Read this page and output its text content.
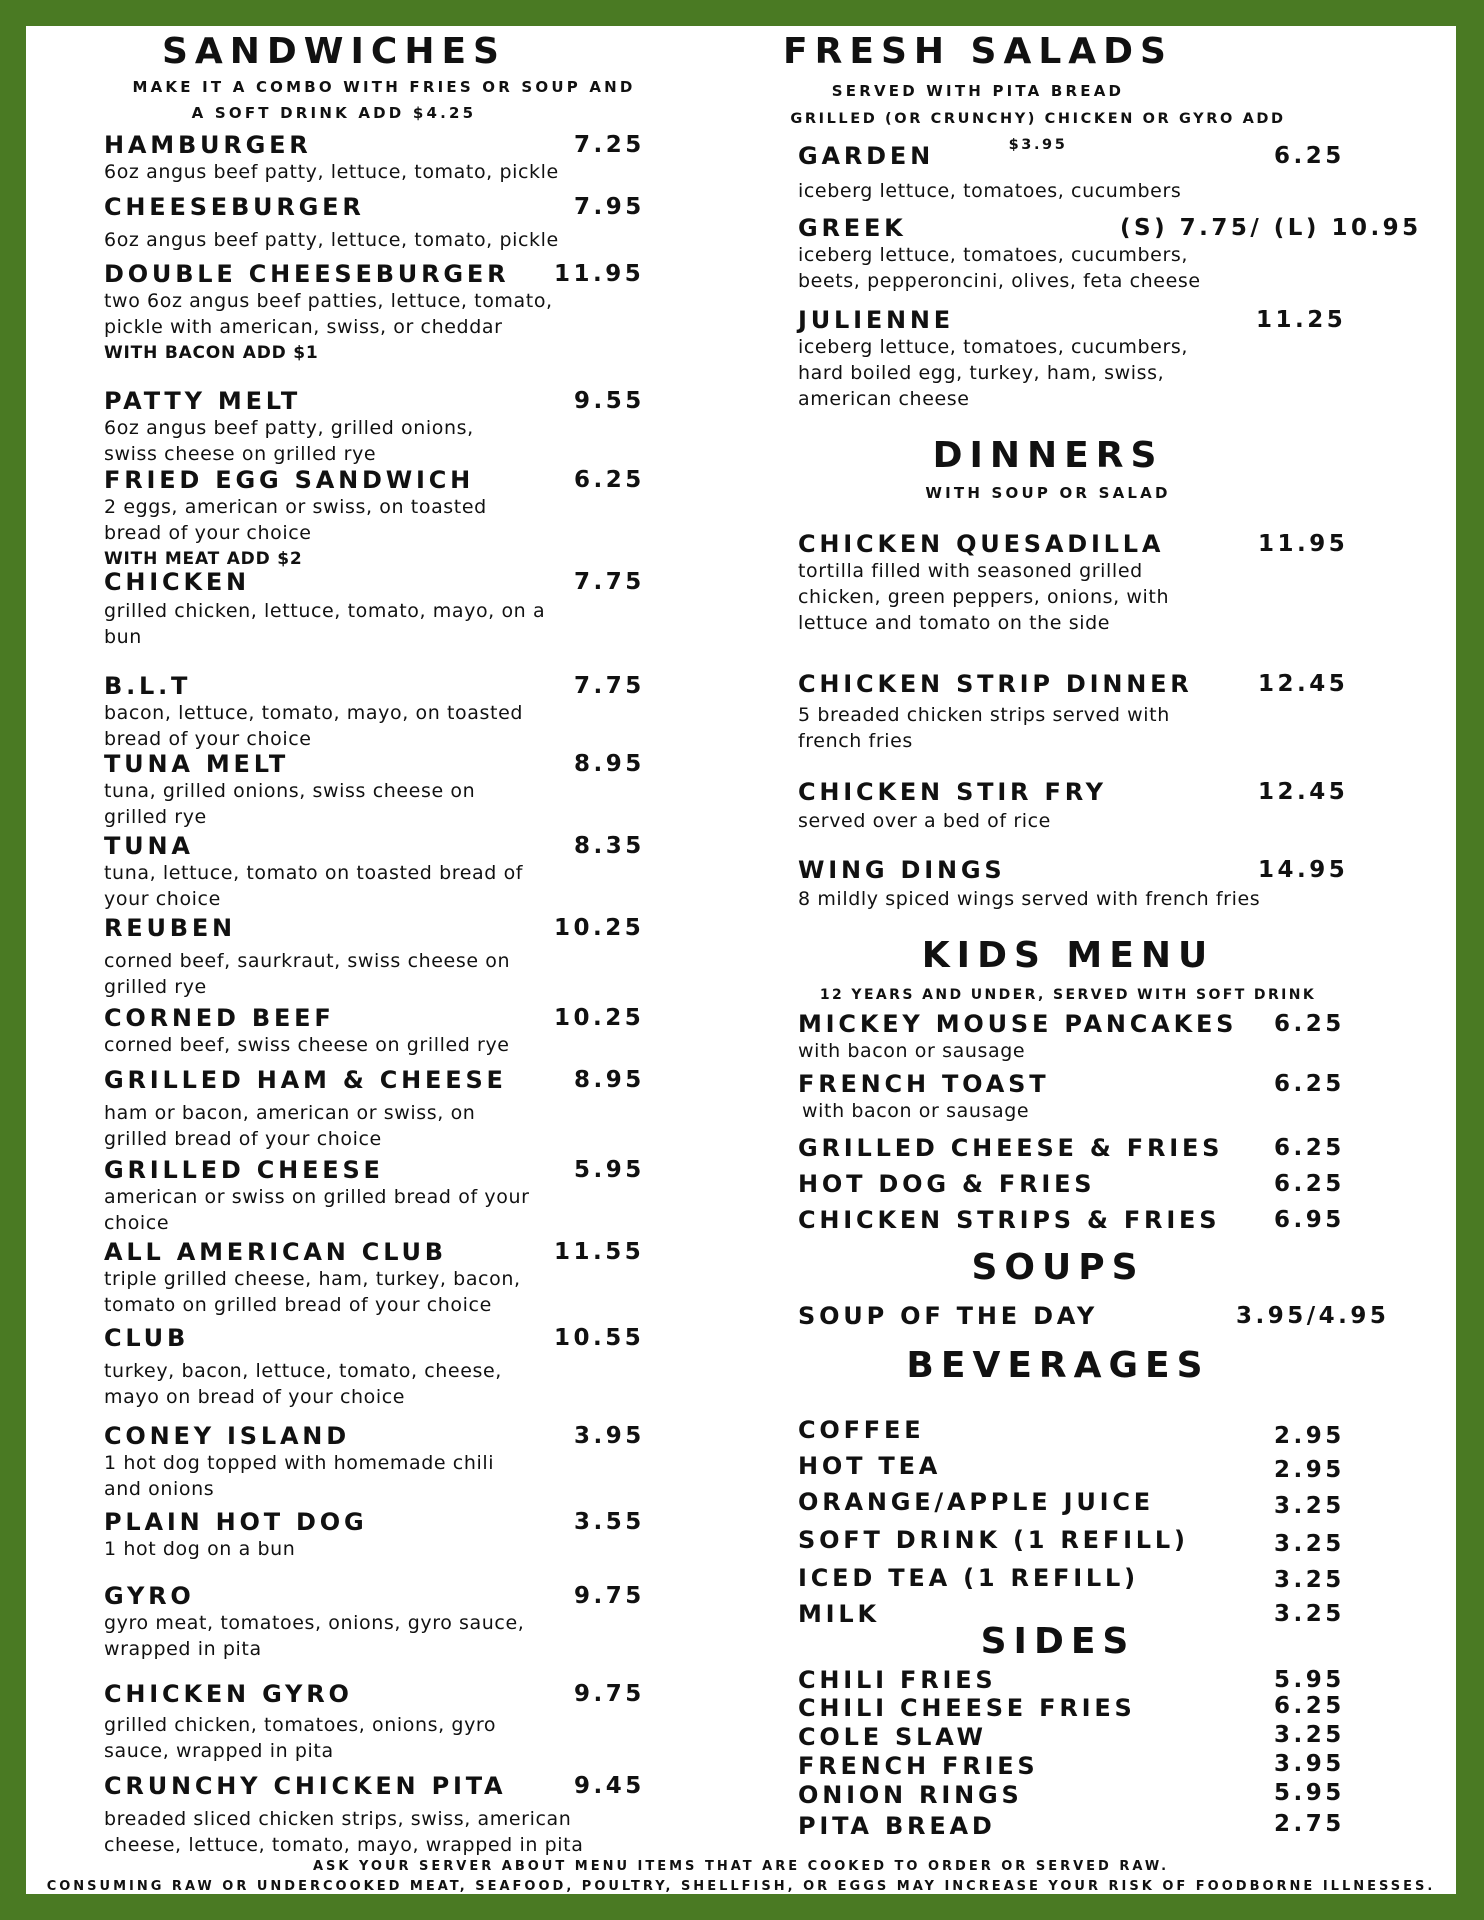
SANDWICHES
MAKE IT A COMBO WITH FRIES OR SOUP AND
A SOFT DRINK ADD $4.25
HAMBURGER	7.25
6oz angus beef patty, lettuce, tomato, pickle
CHEESEBURGER	7.95
6oz angus beef patty, lettuce, tomato, pickle
DOUBLE CHEESEBURGER	11.95
two 6oz angus beef patties, lettuce, tomato, pickle with american, swiss, or cheddar
WITH BACON ADD $1
PATTY MELT	9.55
6oz angus beef patty, grilled onions, swiss cheese on grilled rye
FRIED EGG SANDWICH	6.25
2 eggs, american or swiss, on toasted bread of your choice
WITH MEAT ADD $2
CHICKEN	7.75
grilled chicken, lettuce, tomato, mayo, on a bun
B.L.T	7.75
bacon, lettuce, tomato, mayo, on toasted bread of your choice
TUNA MELT	8.95
tuna, grilled onions, swiss cheese on grilled rye
TUNA	8.35
tuna, lettuce, tomato on toasted bread of your choice
REUBEN	10.25
corned beef, saurkraut, swiss cheese on grilled rye
CORNED BEEF	10.25
corned beef, swiss cheese on grilled rye
GRILLED HAM & CHEESE	8.95
ham or bacon, american or swiss, on grilled bread of your choice
GRILLED CHEESE	5.95
american or swiss on grilled bread of your choice
ALL AMERICAN CLUB	11.55
triple grilled cheese, ham, turkey, bacon, tomato on grilled bread of your choice
CLUB	10.55
turkey, bacon, lettuce, tomato, cheese, mayo on bread of your choice
CONEY ISLAND	3.95
1 hot dog topped with homemade chili and onions
PLAIN HOT DOG	3.55
1 hot dog on a bun
GYRO	9.75
gyro meat, tomatoes, onions, gyro sauce, wrapped in pita
CHICKEN GYRO	9.75
grilled chicken, tomatoes, onions, gyro sauce, wrapped in pita
CRUNCHY CHICKEN PITA	9.45
breaded sliced chicken strips, swiss, american cheese, lettuce, tomato, mayo, wrapped in pita
FRESH SALADS
SERVED WITH PITA BREAD
GRILLED (OR CRUNCHY) CHICKEN OR GYRO ADD $3.95
GARDEN	6.25
iceberg lettuce, tomatoes, cucumbers
GREEK	(S) 7.75/ (L) 10.95
iceberg lettuce, tomatoes, cucumbers, beets, pepperoncini, olives, feta cheese
JULIENNE	11.25
iceberg lettuce, tomatoes, cucumbers, hard boiled egg, turkey, ham, swiss, american cheese
DINNERS
WITH SOUP OR SALAD
CHICKEN QUESADILLA	11.95
tortilla filled with seasoned grilled chicken, green peppers, onions, with lettuce and tomato on the side
CHICKEN STRIP DINNER	12.45
5 breaded chicken strips served with french fries
CHICKEN STIR FRY	12.45
served over a bed of rice
WING DINGS	14.95
8 mildly spiced wings served with french fries
KIDS MENU
12 YEARS AND UNDER, SERVED WITH SOFT DRINK
MICKEY MOUSE PANCAKES	6.25
with bacon or sausage
FRENCH TOAST	6.25
with bacon or sausage
GRILLED CHEESE & FRIES	6.25
HOT DOG & FRIES	6.25
CHICKEN STRIPS & FRIES	6.95
SOUPS
SOUP OF THE DAY	3.95/4.95
BEVERAGES
COFFEE	2.95
HOT TEA	2.95
ORANGE/APPLE JUICE	3.25
SOFT DRINK (1 REFILL)	3.25
ICED TEA (1 REFILL)	3.25
MILK	3.25
SIDES
CHILI FRIES	5.95
CHILI CHEESE FRIES	6.25
COLE SLAW	3.25
FRENCH FRIES	3.95
ONION RINGS	5.95
PITA BREAD	2.75
ASK YOUR SERVER ABOUT MENU ITEMS THAT ARE COOKED TO ORDER OR SERVED RAW.
CONSUMING RAW OR UNDERCOOKED MEAT, SEAFOOD, POULTRY, SHELLFISH, OR EGGS MAY INCREASE YOUR RISK OF FOODBORNE ILLNESSES.
